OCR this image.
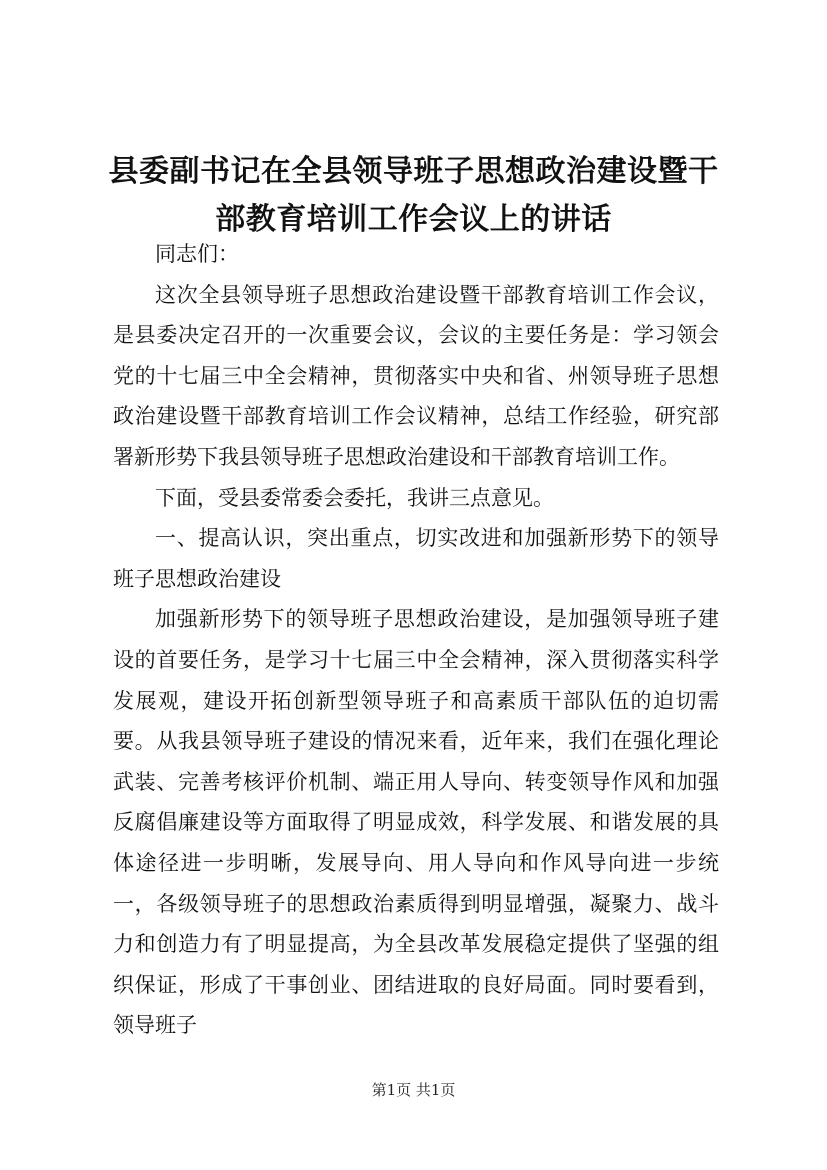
县委副书记在全县领导班子思想政治建设暨干
部教育培训工作会议上的讲话

同志们：

这次全县领导班子思想政治建设暨干部教育培训工作会议，是县委决定召开的一次重要会议，会议的主要任务是：学习领会党的十七届三中全会精神，贯彻落实中央和省、州领导班子思想政治建设暨干部教育培训工作会议精神，总结工作经验，研究部署新形势下我县领导班子思想政治建设和干部教育培训工作。

下面，受县委常委会委托，我讲三点意见。

一、提高认识，突出重点，切实改进和加强新形势下的领导班子思想政治建设

加强新形势下的领导班子思想政治建设，是加强领导班子建设的首要任务，是学习十七届三中全会精神，深入贯彻落实科学发展观，建设开拓创新型领导班子和高素质干部队伍的迫切需要。从我县领导班子建设的情况来看，近年来，我们在强化理论武装、完善考核评价机制、端正用人导向、转变领导作风和加强反腐倡廉建设等方面取得了明显成效，科学发展、和谐发展的具体途径进一步明晰，发展导向、用人导向和作风导向进一步统一，各级领导班子的思想政治素质得到明显增强，凝聚力、战斗力和创造力有了明显提高，为全县改革发展稳定提供了坚强的组织保证，形成了干事创业、团结进取的良好局面。同时要看到，领导班子

第1页 共1页
